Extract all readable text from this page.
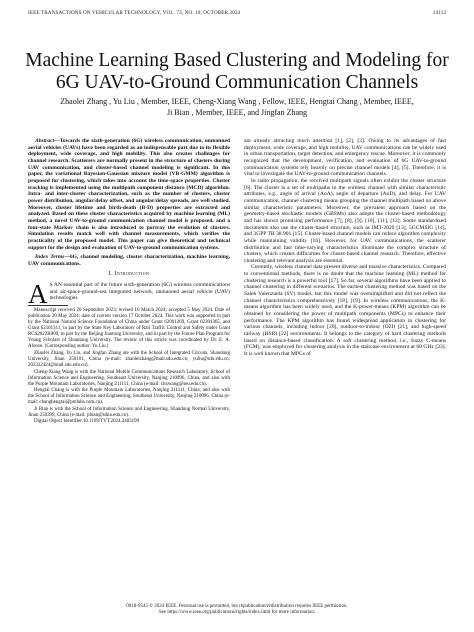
IEEE TRANSACTIONS ON VEHICULAR TECHNOLOGY, VOL. 73, NO. 10, OCTOBER 2024	14113
Machine Learning Based Clustering and Modeling for 6G UAV-to-Ground Communication Channels
Zhaolei Zhang , Yu Liu , Member, IEEE, Cheng-Xiang Wang , Fellow, IEEE, Hengtai Chang , Member, IEEE,
Ji Bian , Member, IEEE, and Jingfan Zhang

Abstract—Towards the sixth-generation (6G) wireless communication, unmanned aerial vehicles (UAVs) have been regarded as an indispensable part due to its flexible deployment, wide coverage, and high mobility. This also creates challenges for channel research. Scatterers are normally present in the structure of clusters during UAV communication, and cluster-based channel modeling is significant. In this paper, the variational Bayesian-Gaussian mixture model (VB-GMM) algorithm is proposed for clustering, which takes into account the time-space properties. Cluster tracking is implemented using the multipath component distance (MCD) algorithm. Intra- and inter-cluster characterization, such as the number of clusters, cluster power distribution, angular/delay offset, and angular/delay spreads, are well studied. Moreover, cluster lifetime and birth-death (B-D) properties are extracted and analyzed. Based on these cluster characteristics acquired by machine learning (ML) method, a novel UAV-to-ground communication channel model is proposed, and a four-state Markov chain is also introduced to portray the evolution of clusters. Simulation results match well with channel measurements, which verifies the practicality of the proposed model. This paper can give theoretical and technical support for the design and evaluation of UAV-to-ground communication systems.

Index Terms—6G, channel modeling, cluster characterization, machine learning, UAV communications.

I. Introduction

A S AN essential part of the future sixth-generation (6G) wireless communications and air-space-ground-sea integrated network, unmanned aerial vehicle (UAV) technologies

Manuscript received 20 September 2023; revised 16 March 2024; accepted 5 May 2024. Date of publication 20 May 2024; date of current version 17 October 2024. This work was supported in part by the National Natural Science Foundation of China under Grant 62001269, Grant 62301365, and Grant 62101311, in part by the State Key Laboratory of Rail Traffic Control and Safety under Grant RCS2022K009, in part by the Beijing Jiaotong University, and in part by the Future Plan Program for Young Scholars of Shandong University. The review of this article was coordinated by Dr. E. A. Alonso. (Corresponding author: Yu Liu.)

Zhaolei Zhang, Yu Liu, and Jingfan Zhang are with the School of Integrated Circuits, Shandong University, Jinan 250101, China (e-mail: zhaoleizhang@mail.sdu.edu.cn; yuliu@sdu.edu.cn; 202332424@mail.sdu.edu.cn).

Cheng-Xiang Wang is with the National Mobile Communications Research Laboratory, School of Information Science and Engineering, Southeast University, Nanjing 210096, China, and also with the Purple Mountain Laboratories, Nanjing 211111, China (e-mail: chxwang@seu.edu.cn).

Hengtai Chang is with the Purple Mountain Laboratories, Nanjing 211111, China, and also with the School of Information Science and Engineering, Southeast University, Nanjing 210096, China (e-mail: changhengtai@pmlabs.com.cn).

Ji Bian is with the School of Information Science and Engineering, Shandong Normal University, Jinan 250399, China (e-mail: jibian@sdnu.edu.cn).

Digital Object Identifier 10.1109/TVT.2024.3403190

are already attracting much attention [1], [2], [3]. Owing to its advantages of fast deployment, wide coverage, and high mobility, UAV communications can be widely used in urban transportation, target detection, and emergency rescue. Moreover, it is commonly recognized that the development, verification, and evaluation of 6G UAV-to-ground communication systems rely heavily on precise channel models [4], [5]. Therefore, it is vital to investigate the UAV-to-ground communication channels.

In radio propagation, the received multipath signals often exhibit the cluster structure [6]. The cluster is a set of multipaths in the wireless channel with similar characteristic attributes, e.g., angle of arrival (AoA), angle of departure (AoD), and delay. For UAV communication, channel clustering means grouping the channel multipath based on above similar characteristic parameters. Moreover, the prevalent approach based on the geometry-based stochastic models (GBSMs) also adopts the cluster-based methodology and has shown promising performance [7], [8], [9], [10], [11], [12]. Some standardized documents also use the cluster-based structure, such as IMT-2020 [13], 5GCMSIG [14], and 3GPP TR 38.901 [15]. Cluster-based channel models can reduce algorithm complexity while maintaining validity [16]. However, for UAV communications, the scatterer distribution and fast time-varying characteristics illuminate the complex structure of clusters, which creates difficulties for cluster-based channel research. Therefore, effective clustering and relevant analysis are essential.

Currently, wireless channel data present diverse and massive characteristics. Compared to conventional methods, there is no doubt that the machine learning (ML) method for clustering research is a powerful tool [17]. So far, several algorithms have been applied to channel clustering in different scenarios. The earliest clustering method was based on the Saleh Valenzuela (SV) model, but this model was oversimplified and did not reflect the channel characteristics comprehensively [18], [19]. In wireless communications, the K-means algorithm has been widely used, and the K-power-means (KPM) algorithm can be obtained by considering the power of multipath components (MPCs) to enhance their performance. The KPM algorithm has found widespread application in clustering for various channels, including indoor [20], outdoor-to-indoor (O2I) [21], and high-speed railway (HSR) [22] environments. It belongs to the category of hard clustering methods based on distance-based classification. A soft clustering method, i.e., fuzzy C-means (FCM), was employed for clustering analysis in the staircase environment at 60 GHz [23]. It is well known that MPCs of

0018-9545 © 2024 IEEE. Personal use is permitted, but republication/redistribution requires IEEE permission.
See https://www.ieee.org/publications/rights/index.html for more information.
